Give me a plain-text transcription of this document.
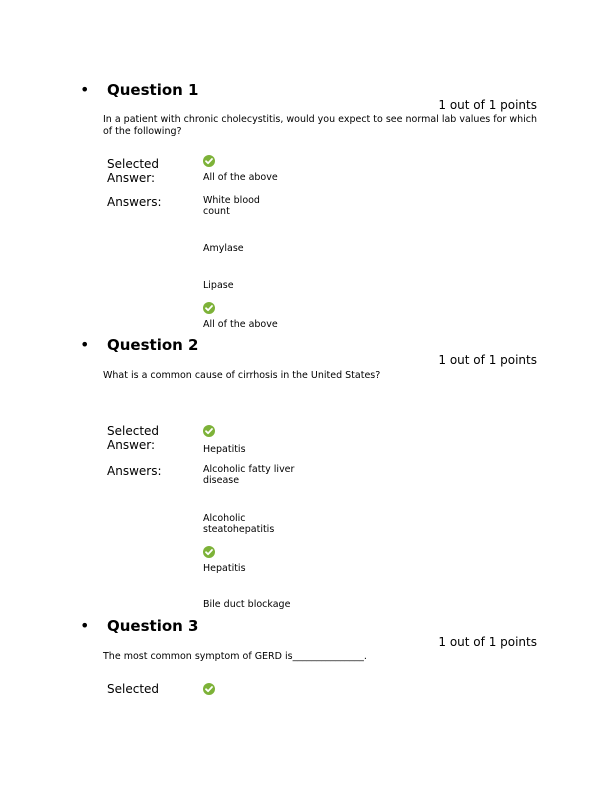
• Question 1
1 out of 1 points
In a patient with chronic cholecystitis, would you expect to see normal lab values for which of the following?
Selected
Answer:	All of the above
Answers:	White blood count
Amylase
Lipase
All of the above
• Question 2
1 out of 1 points
What is a common cause of cirrhosis in the United States?
Selected
Answer:	Hepatitis
Answers:	Alcoholic fatty liver disease
Alcoholic steatohepatitis
Hepatitis
Bile duct blockage
• Question 3
1 out of 1 points
The most common symptom of GERD is_______________.
Selected
